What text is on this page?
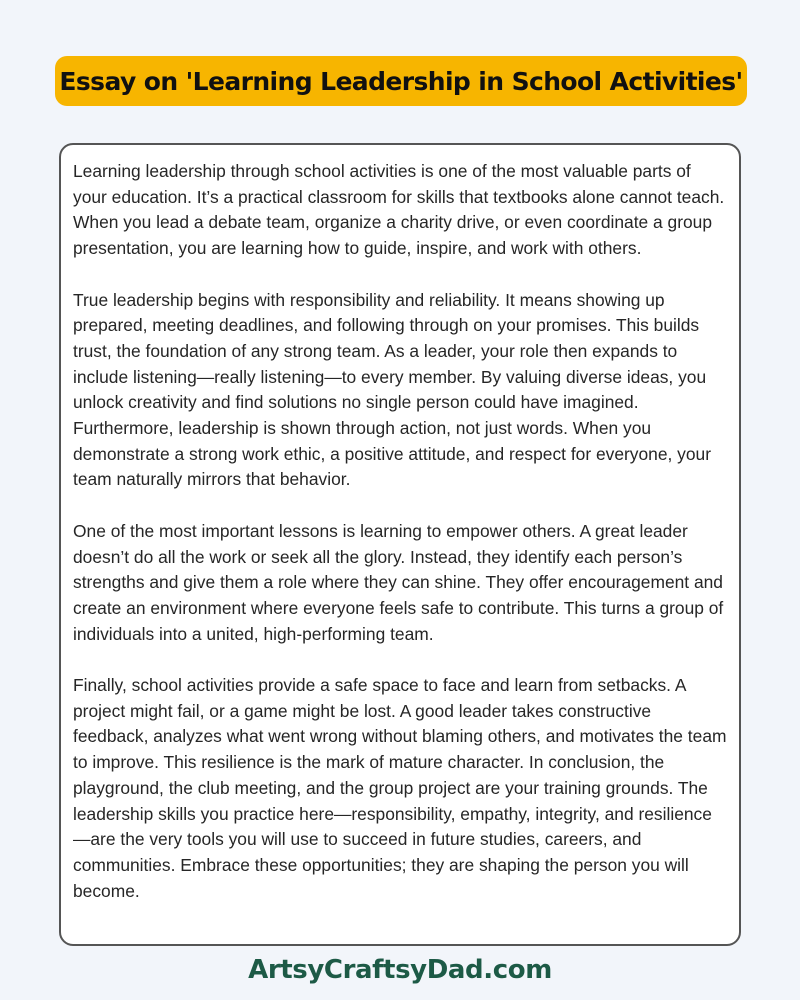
Essay on 'Learning Leadership in School Activities'

Learning leadership through school activities is one of the most valuable parts of your education. It’s a practical classroom for skills that textbooks alone cannot teach. When you lead a debate team, organize a charity drive, or even coordinate a group presentation, you are learning how to guide, inspire, and work with others.

True leadership begins with responsibility and reliability. It means showing up prepared, meeting deadlines, and following through on your promises. This builds trust, the foundation of any strong team. As a leader, your role then expands to include listening—really listening—to every member. By valuing diverse ideas, you unlock creativity and find solutions no single person could have imagined. Furthermore, leadership is shown through action, not just words. When you demonstrate a strong work ethic, a positive attitude, and respect for everyone, your team naturally mirrors that behavior.

One of the most important lessons is learning to empower others. A great leader doesn’t do all the work or seek all the glory. Instead, they identify each person’s strengths and give them a role where they can shine. They offer encouragement and create an environment where everyone feels safe to contribute. This turns a group of individuals into a united, high-performing team.

Finally, school activities provide a safe space to face and learn from setbacks. A project might fail, or a game might be lost. A good leader takes constructive feedback, analyzes what went wrong without blaming others, and motivates the team to improve. This resilience is the mark of mature character. In conclusion, the playground, the club meeting, and the group project are your training grounds. The leadership skills you practice here—responsibility, empathy, integrity, and resilience—are the very tools you will use to succeed in future studies, careers, and communities. Embrace these opportunities; they are shaping the person you will become.

ArtsyCraftsyDad.com
